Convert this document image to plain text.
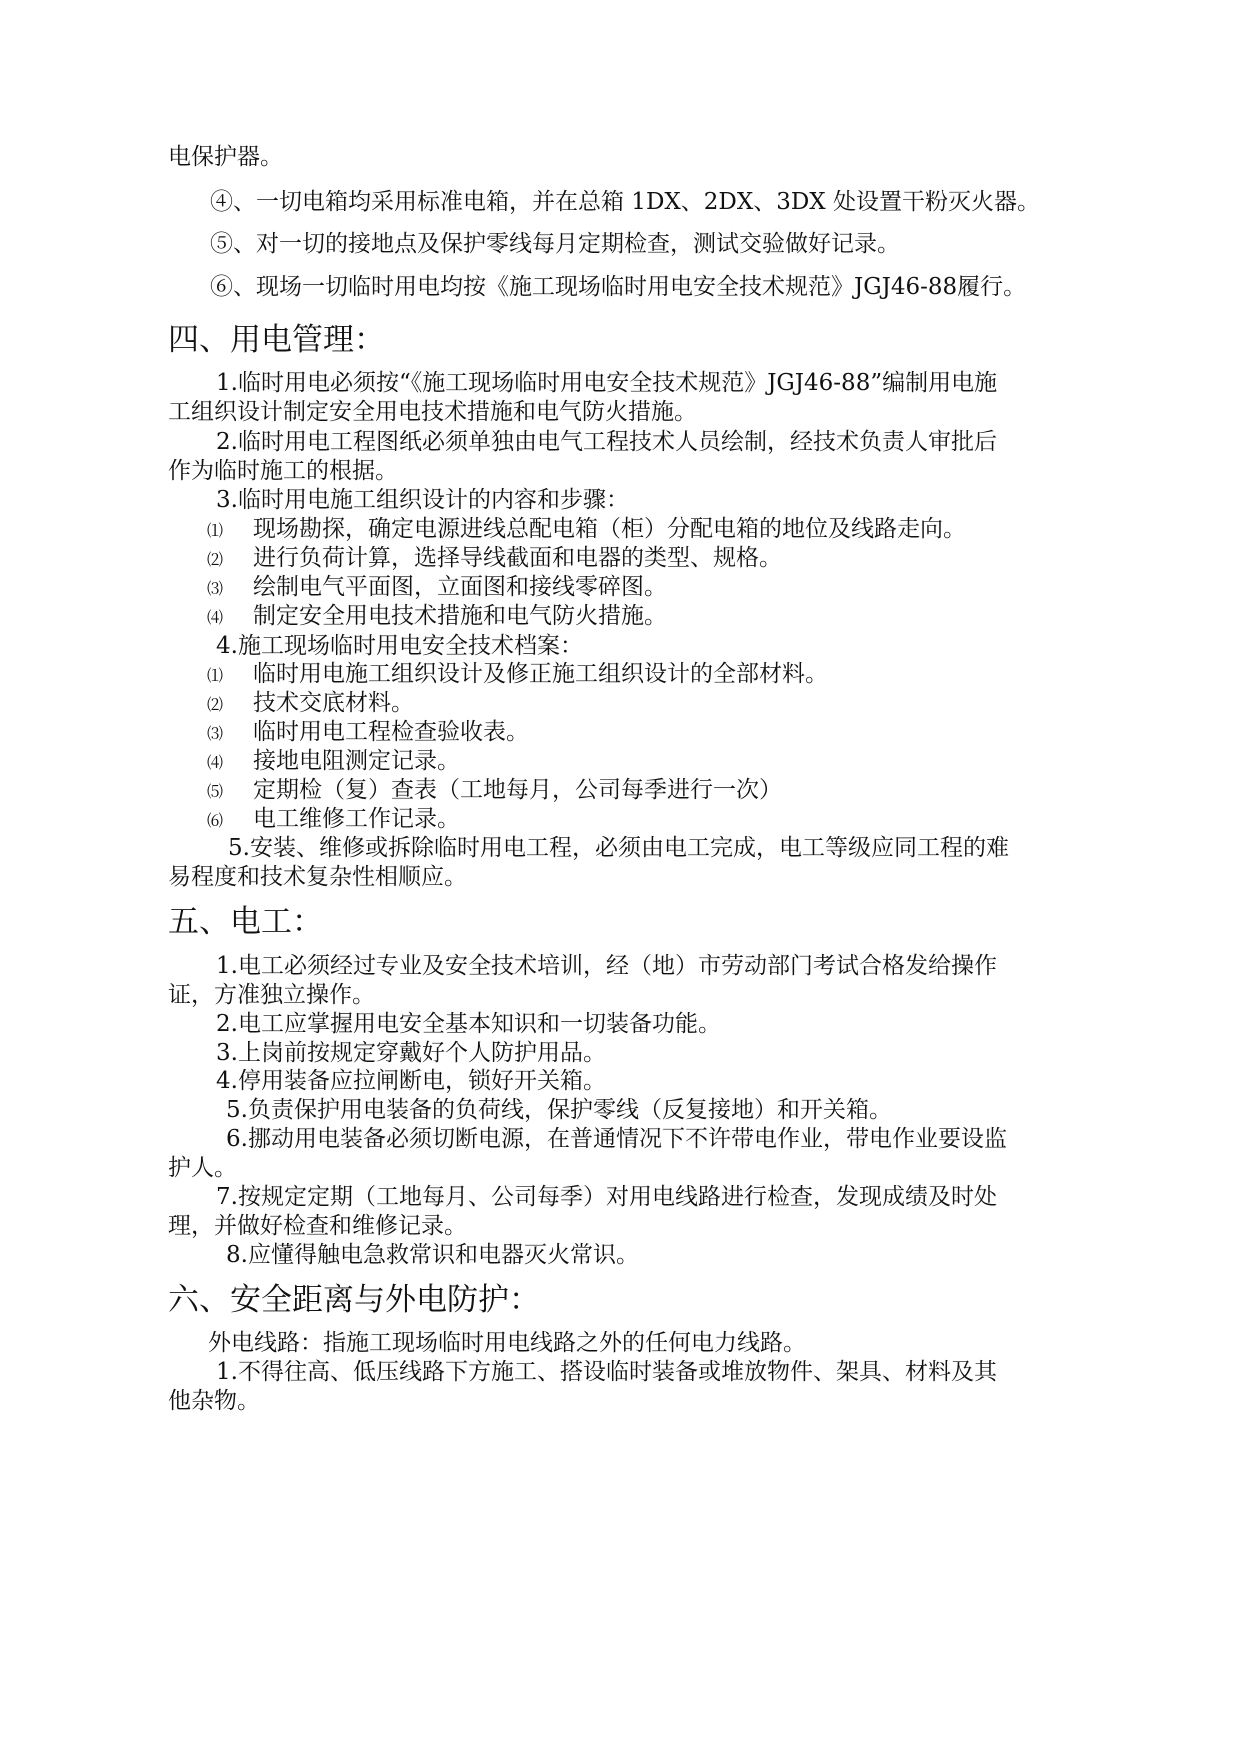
电保护器。
④、一切电箱均采用标准电箱，并在总箱 1DX、2DX、3DX 处设置干粉灭火器。
⑤、对一切的接地点及保护零线每月定期检查，测试交验做好记录。
⑥、现场一切临时用电均按《施工现场临时用电安全技术规范》JGJ46-88履行。
四、用电管理：
1.临时用电必须按“《施工现场临时用电安全技术规范》JGJ46-88”编制用电施
工组织设计制定安全用电技术措施和电气防火措施。
2.临时用电工程图纸必须单独由电气工程技术人员绘制，经技术负责人审批后
作为临时施工的根据。
3.临时用电施工组织设计的内容和步骤：
⑴ 现场勘探，确定电源进线总配电箱（柜）分配电箱的地位及线路走向。
⑵ 进行负荷计算，选择导线截面和电器的类型、规格。
⑶ 绘制电气平面图，立面图和接线零碎图。
⑷ 制定安全用电技术措施和电气防火措施。
4.施工现场临时用电安全技术档案：
⑴ 临时用电施工组织设计及修正施工组织设计的全部材料。
⑵ 技术交底材料。
⑶ 临时用电工程检查验收表。
⑷ 接地电阻测定记录。
⑸ 定期检（复）查表（工地每月，公司每季进行一次）
⑹ 电工维修工作记录。
5.安装、维修或拆除临时用电工程，必须由电工完成，电工等级应同工程的难
易程度和技术复杂性相顺应。
五、电工：
1.电工必须经过专业及安全技术培训，经（地）市劳动部门考试合格发给操作
证，方准独立操作。
2.电工应掌握用电安全基本知识和一切装备功能。
3.上岗前按规定穿戴好个人防护用品。
4.停用装备应拉闸断电，锁好开关箱。
5.负责保护用电装备的负荷线，保护零线（反复接地）和开关箱。
6.挪动用电装备必须切断电源，在普通情况下不许带电作业，带电作业要设监
护人。
7.按规定定期（工地每月、公司每季）对用电线路进行检查，发现成绩及时处
理，并做好检查和维修记录。
8.应懂得触电急救常识和电器灭火常识。
六、安全距离与外电防护：
外电线路：指施工现场临时用电线路之外的任何电力线路。
1.不得往高、低压线路下方施工、搭设临时装备或堆放物件、架具、材料及其
他杂物。
